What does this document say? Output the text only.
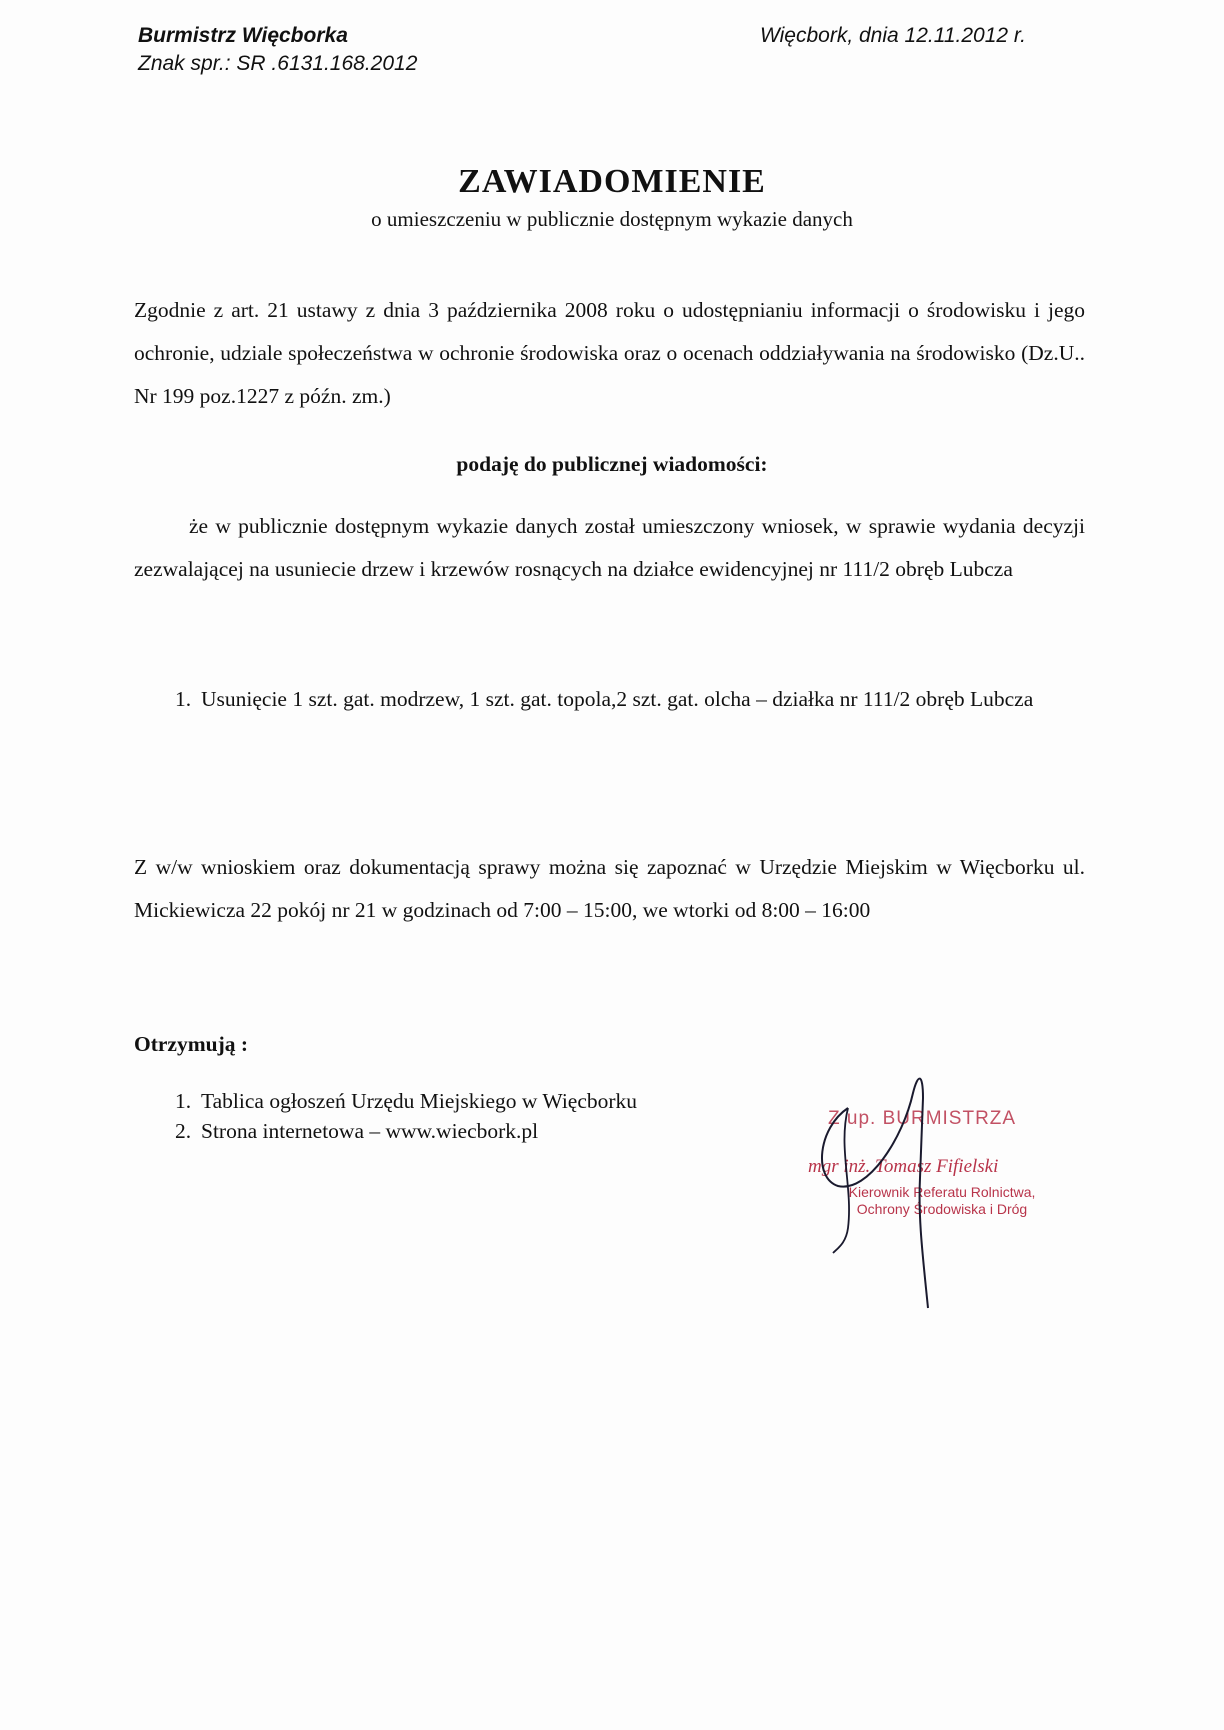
Burmistrz Więcborka
Znak spr.: SR .6131.168.2012
Więcbork, dnia 12.11.2012 r.
ZAWIADOMIENIE
o umieszczeniu w publicznie dostępnym wykazie danych
Zgodnie z art. 21 ustawy z dnia 3 października 2008 roku o udostępnianiu informacji o środowisku i jego ochronie, udziale społeczeństwa w ochronie środowiska oraz o ocenach oddziaływania na środowisko (Dz.U.. Nr 199 poz.1227 z późn. zm.)
podaję do publicznej wiadomości:
że w publicznie dostępnym wykazie danych został umieszczony wniosek, w sprawie wydania decyzji zezwalającej na usuniecie drzew i krzewów rosnących na działce ewidencyjnej nr 111/2 obręb Lubcza
1. Usunięcie 1 szt. gat. modrzew, 1 szt. gat. topola,2 szt. gat. olcha – działka nr 111/2 obręb Lubcza
Z w/w wnioskiem oraz dokumentacją sprawy można się zapoznać w Urzędzie Miejskim w Więcborku ul. Mickiewicza 22 pokój nr 21 w godzinach od 7:00 – 15:00, we wtorki od 8:00 – 16:00
Otrzymują :
1. Tablica ogłoszeń Urzędu Miejskiego w Więcborku
2. Strona internetowa – www.wiecbork.pl
Z up. BURMISTRZA
mgr inż. Tomasz Fifielski
Kierownik Referatu Rolnictwa,
Ochrony Środowiska i Dróg
